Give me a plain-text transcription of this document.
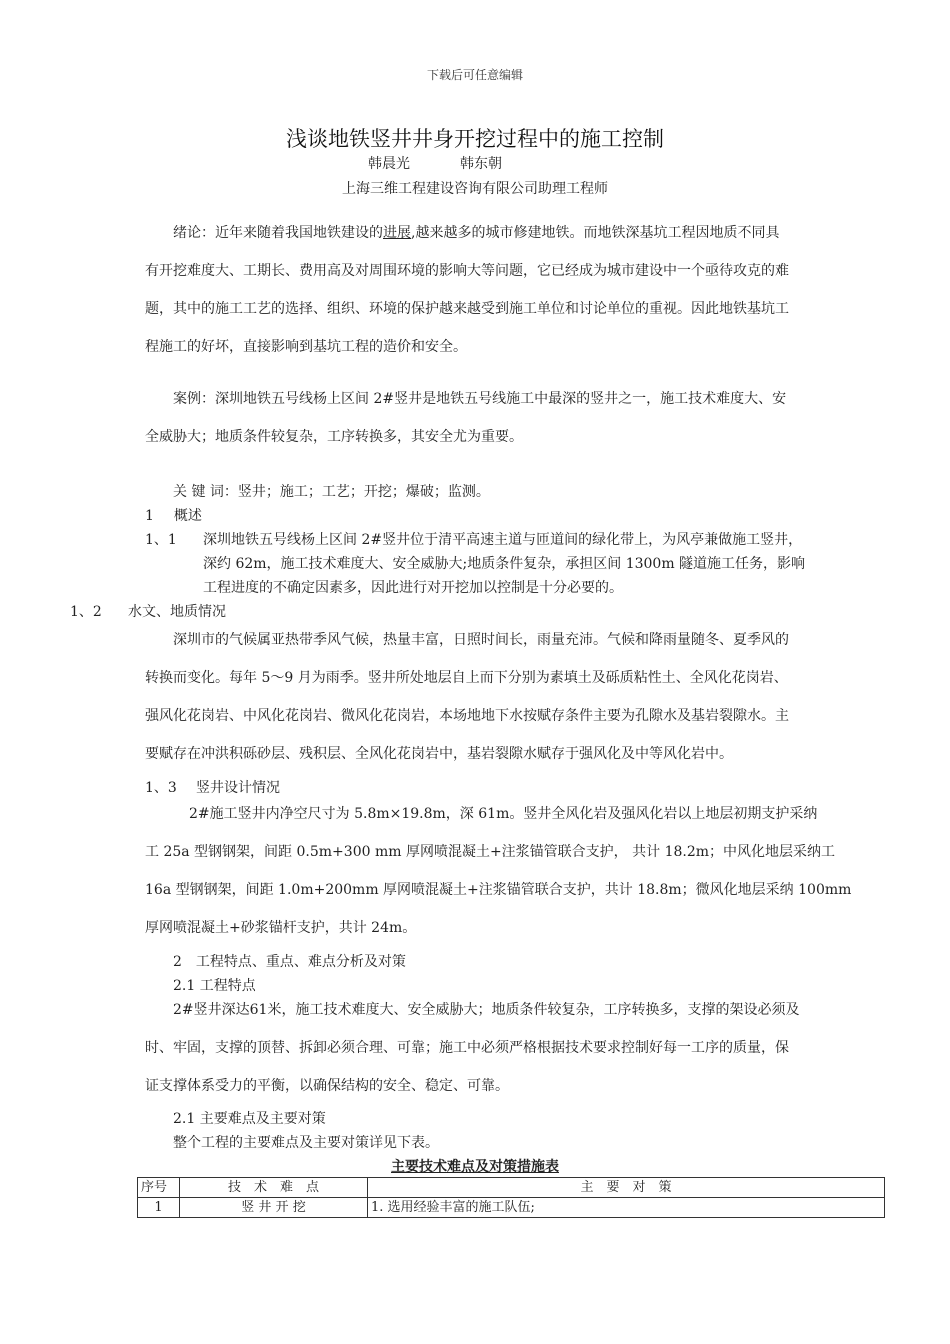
下载后可任意编辑
浅谈地铁竖井井身开挖过程中的施工控制
韩晨光	韩东朝
上海三维工程建设咨询有限公司助理工程师
绪论：近年来随着我国地铁建设的进展,越来越多的城市修建地铁。而地铁深基坑工程因地质不同具
有开挖难度大、工期长、费用高及对周围环境的影响大等问题，它已经成为城市建设中一个亟待攻克的难
题，其中的施工工艺的选择、组织、环境的保护越来越受到施工单位和讨论单位的重视。因此地铁基坑工
程施工的好坏，直接影响到基坑工程的造价和安全。
案例：深圳地铁五号线杨上区间 2#竖井是地铁五号线施工中最深的竖井之一，施工技术难度大、安
全威胁大；地质条件较复杂，工序转换多，其安全尤为重要。
关 键 词：竖井；施工；工艺；开挖；爆破；监测。
1 概述
1、1 深圳地铁五号线杨上区间 2#竖井位于清平高速主道与匝道间的绿化带上，为风亭兼做施工竖井，
深约 62m，施工技术难度大、安全威胁大;地质条件复杂，承担区间 1300m 隧道施工任务，影响
工程进度的不确定因素多，因此进行对开挖加以控制是十分必要的。
1、2 水文、地质情况
深圳市的气候属亚热带季风气候，热量丰富，日照时间长，雨量充沛。气候和降雨量随冬、夏季风的
转换而变化。每年 5～9 月为雨季。竖井所处地层自上而下分别为素填土及砾质粘性土、全风化花岗岩、
强风化花岗岩、中风化花岗岩、微风化花岗岩，本场地地下水按赋存条件主要为孔隙水及基岩裂隙水。主
要赋存在冲洪积砾砂层、残积层、全风化花岗岩中，基岩裂隙水赋存于强风化及中等风化岩中。
1、3 竖井设计情况
2#施工竖井内净空尺寸为 5.8m×19.8m，深 61m。竖井全风化岩及强风化岩以上地层初期支护采纳
工 25a 型钢钢架，间距 0.5m+300 mm 厚网喷混凝土+注浆锚管联合支护， 共计 18.2m；中风化地层采纳工
16a 型钢钢架，间距 1.0m+200mm 厚网喷混凝土+注浆锚管联合支护，共计 18.8m；微风化地层采纳 100mm
厚网喷混凝土+砂浆锚杆支护，共计 24m。
2　工程特点、重点、难点分析及对策
2.1 工程特点
2#竖井深达61米，施工技术难度大、安全威胁大；地质条件较复杂，工序转换多，支撑的架设必须及
时、牢固，支撑的顶替、拆卸必须合理、可靠；施工中必须严格根据技术要求控制好每一工序的质量，保
证支撑体系受力的平衡，以确保结构的安全、稳定、可靠。
2.1 主要难点及主要对策
整个工程的主要难点及主要对策详见下表。
主要技术难点及对策措施表
序号	技　术　难　点	主　要　对　策
1	竖 井 开 挖	1. 选用经验丰富的施工队伍;
